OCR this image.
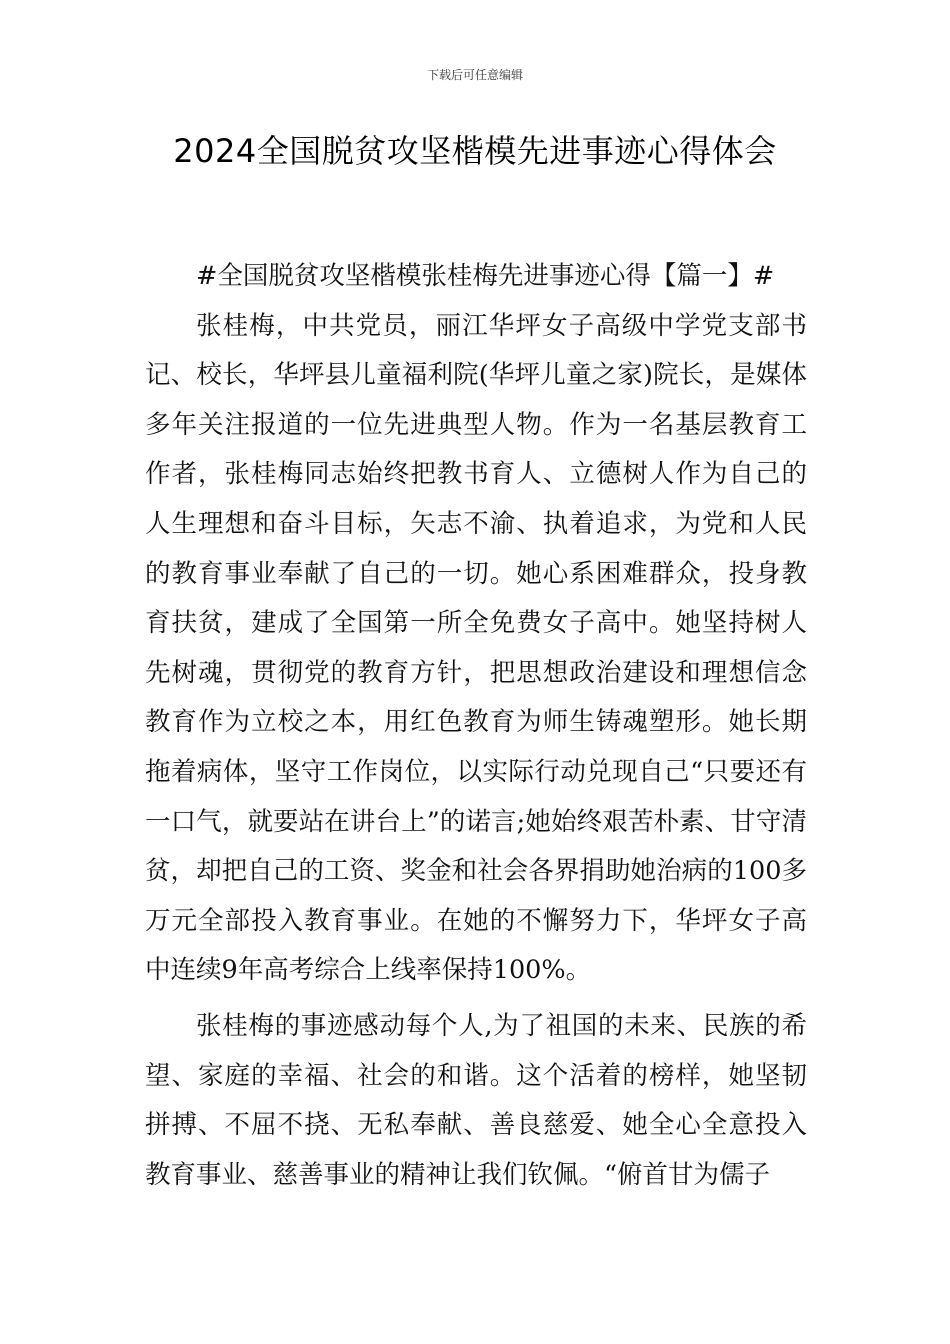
下载后可任意编辑
2024全国脱贫攻坚楷模先进事迹心得体会

#全国脱贫攻坚楷模张桂梅先进事迹心得【篇一】#

张桂梅，中共党员，丽江华坪女子高级中学党支部书记、校长，华坪县儿童福利院(华坪儿童之家)院长，是媒体多年关注报道的一位先进典型人物。作为一名基层教育工作者，张桂梅同志始终把教书育人、立德树人作为自己的人生理想和奋斗目标，矢志不渝、执着追求，为党和人民的教育事业奉献了自己的一切。她心系困难群众，投身教育扶贫，建成了全国第一所全免费女子高中。她坚持树人先树魂，贯彻党的教育方针，把思想政治建设和理想信念教育作为立校之本，用红色教育为师生铸魂塑形。她长期拖着病体，坚守工作岗位，以实际行动兑现自己“只要还有一口气，就要站在讲台上”的诺言;她始终艰苦朴素、甘守清贫，却把自己的工资、奖金和社会各界捐助她治病的100多万元全部投入教育事业。在她的不懈努力下，华坪女子高中连续9年高考综合上线率保持100%。

张桂梅的事迹感动每个人,为了祖国的未来、民族的希望、家庭的幸福、社会的和谐。这个活着的榜样，她坚韧拼搏、不屈不挠、无私奉献、善良慈爱、她全心全意投入教育事业、慈善事业的精神让我们钦佩。“俯首甘为儒子
